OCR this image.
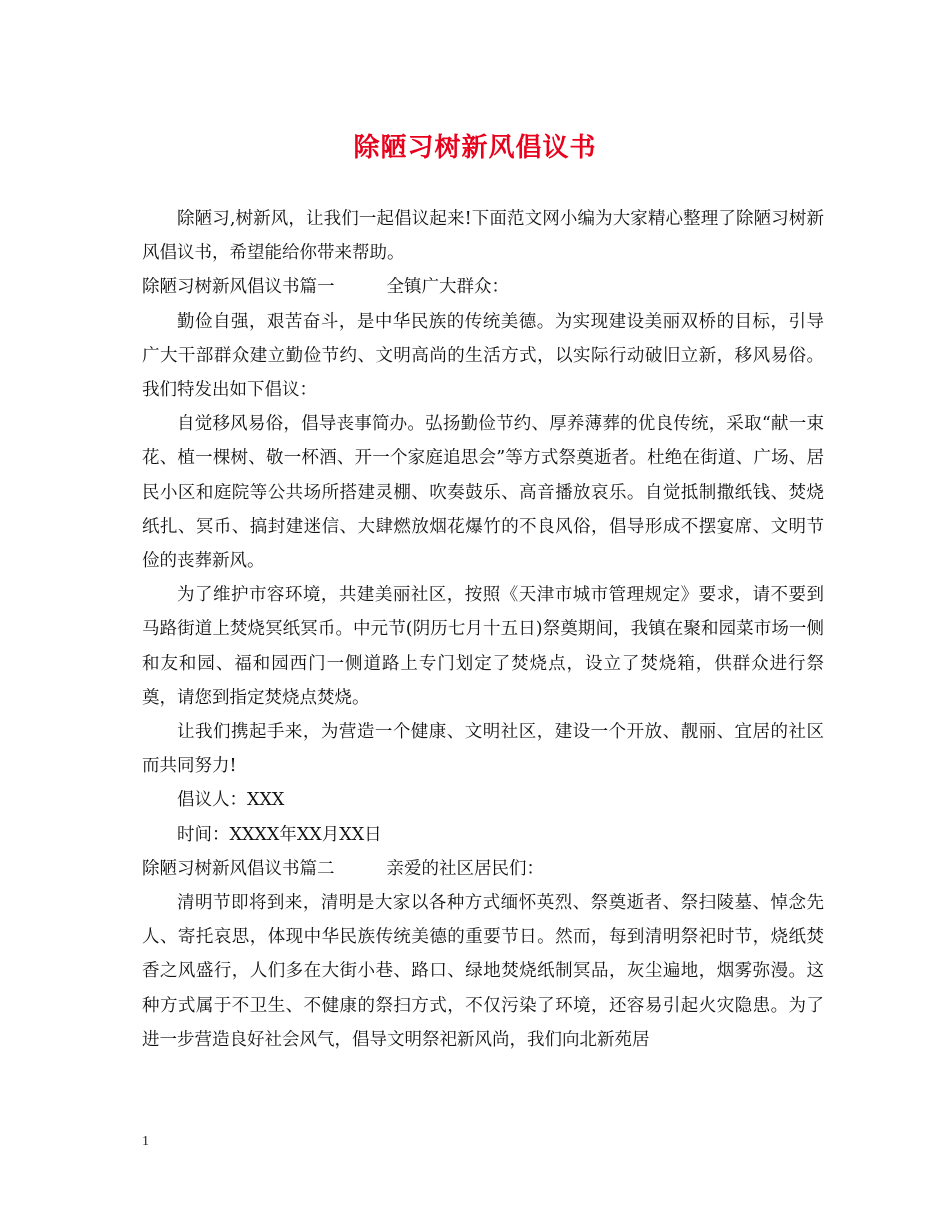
除陋习树新风倡议书

除陋习,树新风，让我们一起倡议起来!下面范文网小编为大家精心整理了除陋习树新风倡议书，希望能给你带来帮助。

除陋习树新风倡议书篇一	全镇广大群众：

勤俭自强，艰苦奋斗，是中华民族的传统美德。为实现建设美丽双桥的目标，引导广大干部群众建立勤俭节约、文明高尚的生活方式，以实际行动破旧立新，移风易俗。我们特发出如下倡议：

自觉移风易俗，倡导丧事简办。弘扬勤俭节约、厚养薄葬的优良传统，采取“献一束花、植一棵树、敬一杯酒、开一个家庭追思会”等方式祭奠逝者。杜绝在街道、广场、居民小区和庭院等公共场所搭建灵棚、吹奏鼓乐、高音播放哀乐。自觉抵制撒纸钱、焚烧纸扎、冥币、搞封建迷信、大肆燃放烟花爆竹的不良风俗，倡导形成不摆宴席、文明节俭的丧葬新风。

为了维护市容环境，共建美丽社区，按照《天津市城市管理规定》要求，请不要到马路街道上焚烧冥纸冥币。中元节(阴历七月十五日)祭奠期间，我镇在聚和园菜市场一侧和友和园、福和园西门一侧道路上专门划定了焚烧点，设立了焚烧箱，供群众进行祭奠，请您到指定焚烧点焚烧。

让我们携起手来，为营造一个健康、文明社区，建设一个开放、靓丽、宜居的社区而共同努力!

倡议人：XXX

时间：XXXX年XX月XX日

除陋习树新风倡议书篇二	亲爱的社区居民们：

清明节即将到来，清明是大家以各种方式缅怀英烈、祭奠逝者、祭扫陵墓、悼念先人、寄托哀思，体现中华民族传统美德的重要节日。然而，每到清明祭祀时节，烧纸焚香之风盛行，人们多在大街小巷、路口、绿地焚烧纸制冥品，灰尘遍地，烟雾弥漫。这种方式属于不卫生、不健康的祭扫方式，不仅污染了环境，还容易引起火灾隐患。为了进一步营造良好社会风气，倡导文明祭祀新风尚，我们向北新苑居

1
